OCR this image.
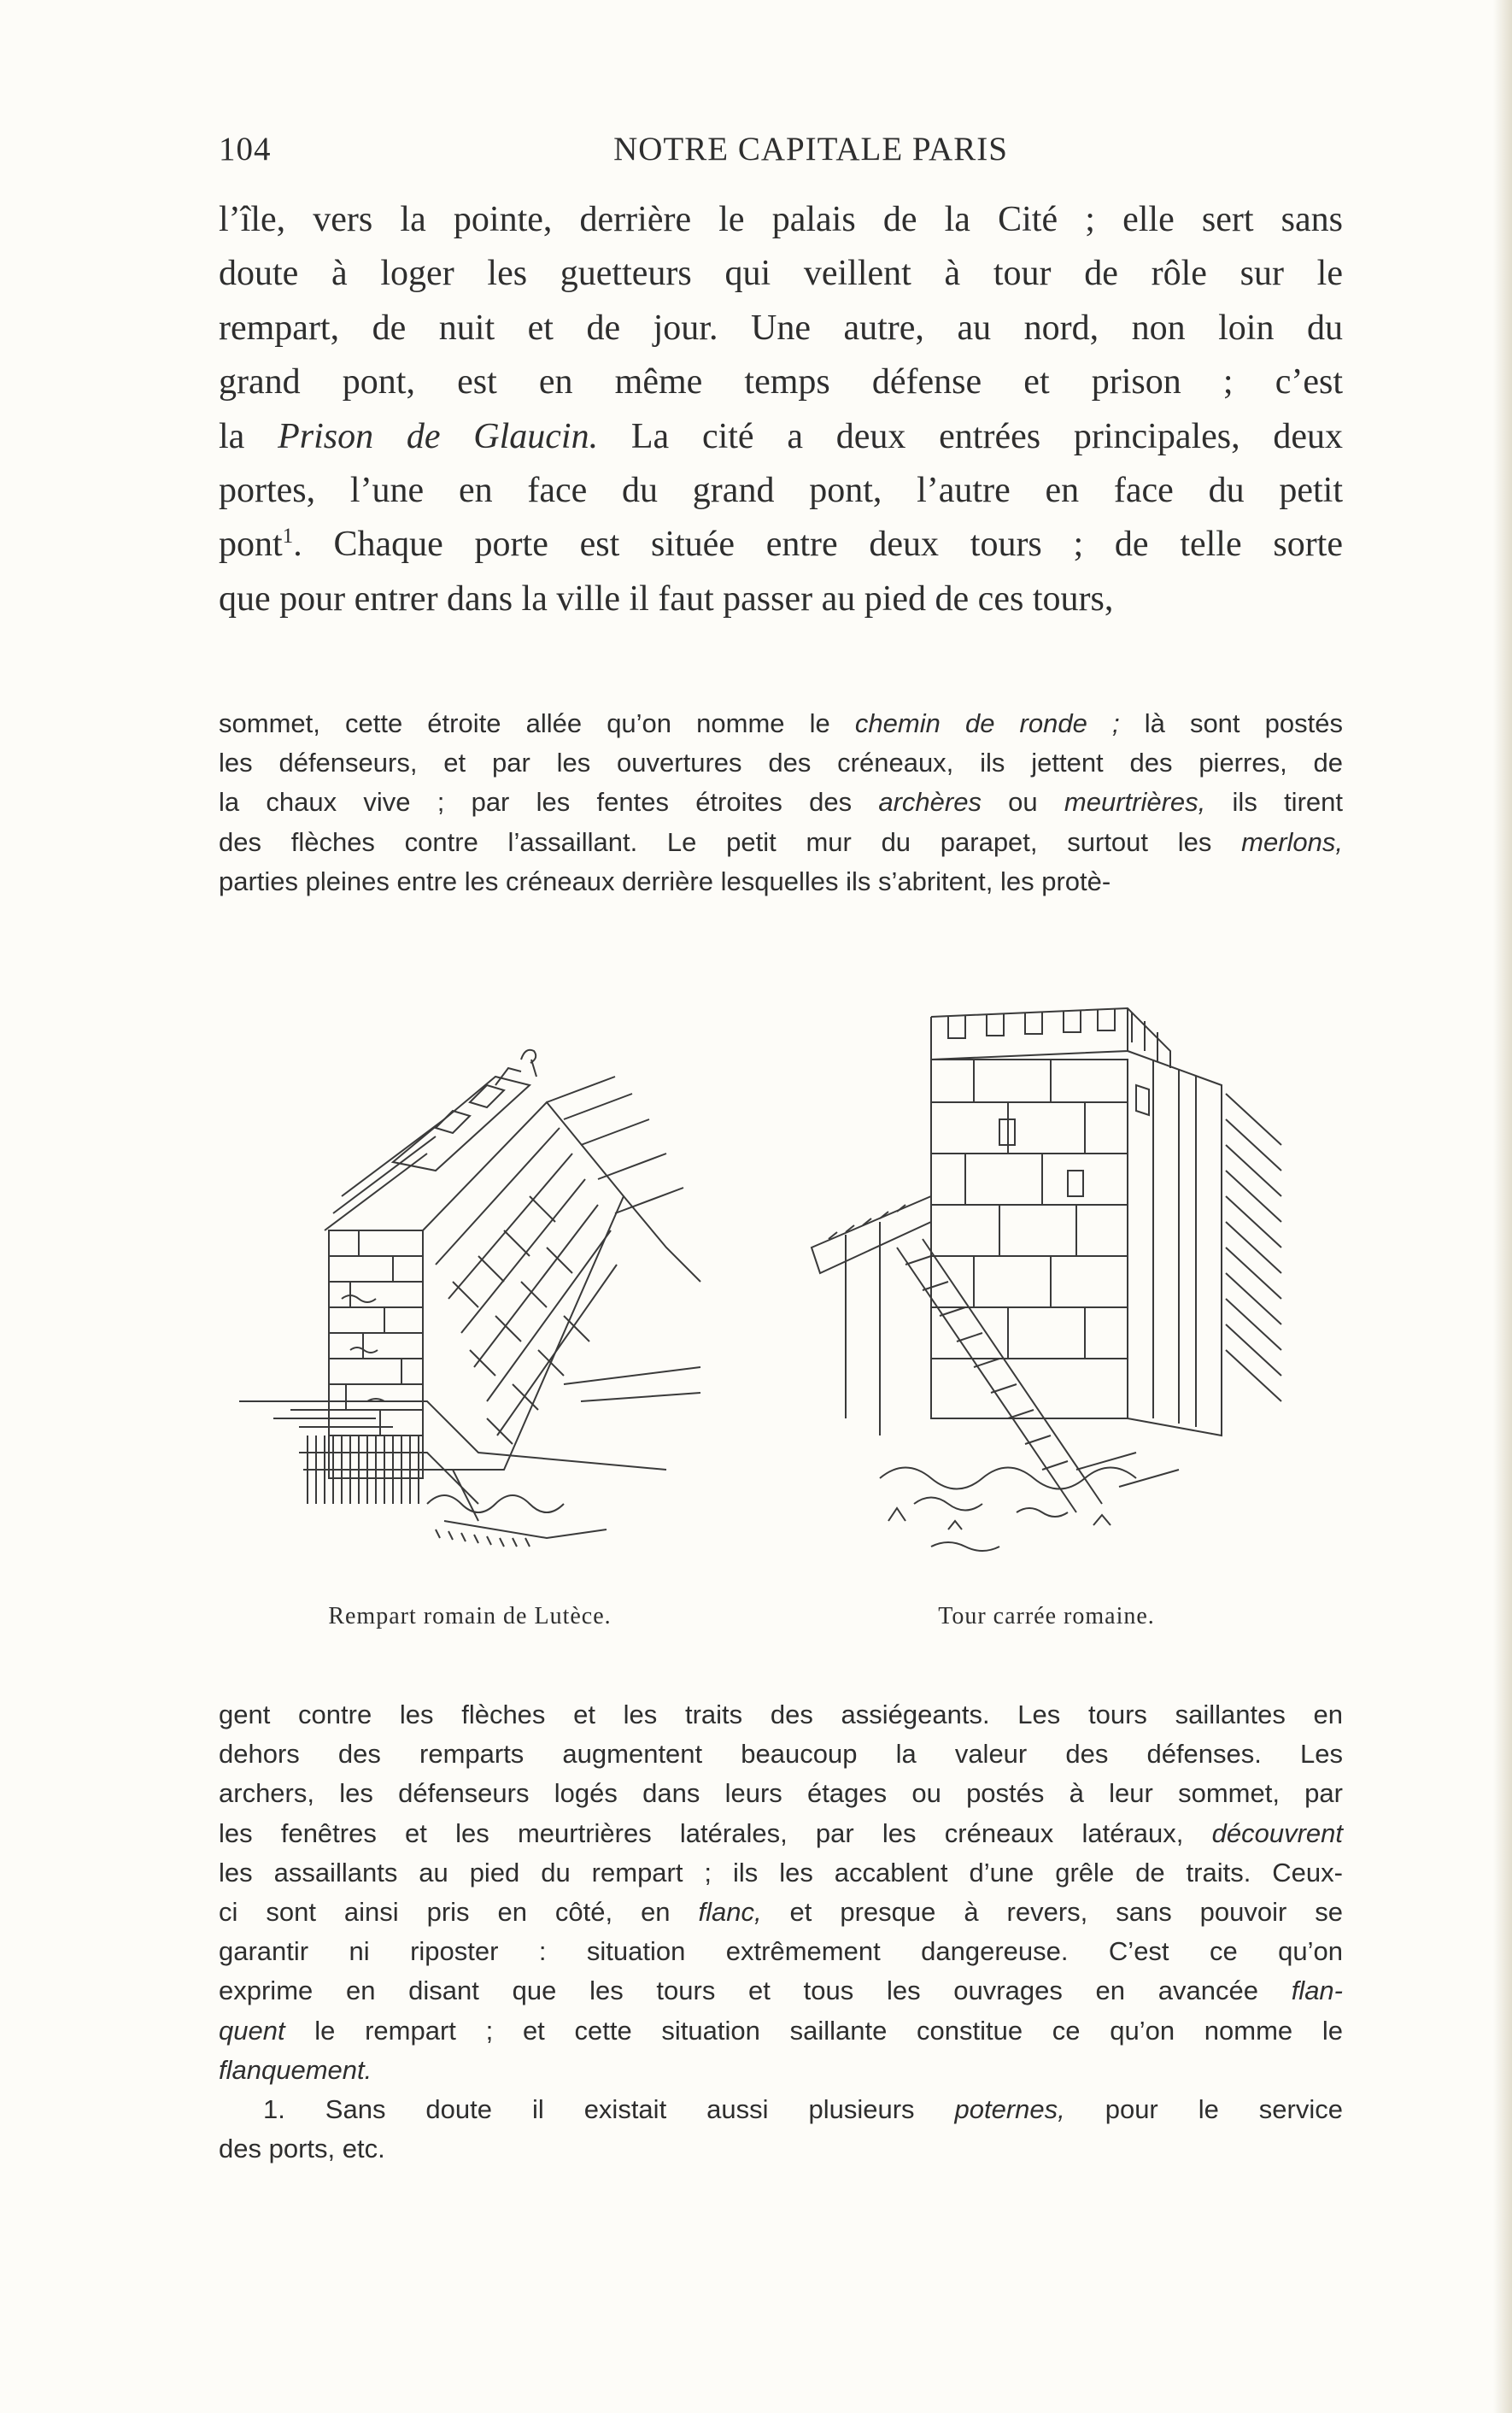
104	NOTRE CAPITALE PARIS
l’île, vers la pointe, derrière le palais de la Cité ; elle sert sans
doute à loger les guetteurs qui veillent à tour de rôle sur le
rempart, de nuit et de jour. Une autre, au nord, non loin du
grand pont, est en même temps défense et prison ; c’est
la Prison de Glaucin. La cité a deux entrées principales, deux
portes, l’une en face du grand pont, l’autre en face du petit
pont$^1$. Chaque porte est située entre deux tours ; de telle sorte
que pour entrer dans la ville il faut passer au pied de ces tours,
sommet, cette étroite allée qu’on nomme le chemin de ronde ; là sont postés
les défenseurs, et par les ouvertures des créneaux, ils jettent des pierres, de
la chaux vive ; par les fentes étroites des archères ou meurtrières, ils tirent
des flèches contre l’assaillant. Le petit mur du parapet, surtout les merlons,
parties pleines entre les créneaux derrière lesquelles ils s’abritent, les protè-
Rempart romain de Lutèce.	Tour carrée romaine.
gent contre les flèches et les traits des assiégeants. Les tours saillantes en
dehors des remparts augmentent beaucoup la valeur des défenses. Les
archers, les défenseurs logés dans leurs étages ou postés à leur sommet, par
les fenêtres et les meurtrières latérales, par les créneaux latéraux, découvrent
les assaillants au pied du rempart ; ils les accablent d’une grêle de traits. Ceux-
ci sont ainsi pris en côté, en flanc, et presque à revers, sans pouvoir se
garantir ni riposter : situation extrêmement dangereuse. C’est ce qu’on
exprime en disant que les tours et tous les ouvrages en avancée flan-
quent le rempart ; et cette situation saillante constitue ce qu’on nomme le
flanquement.
1. Sans doute il existait aussi plusieurs poternes, pour le service
des ports, etc.
